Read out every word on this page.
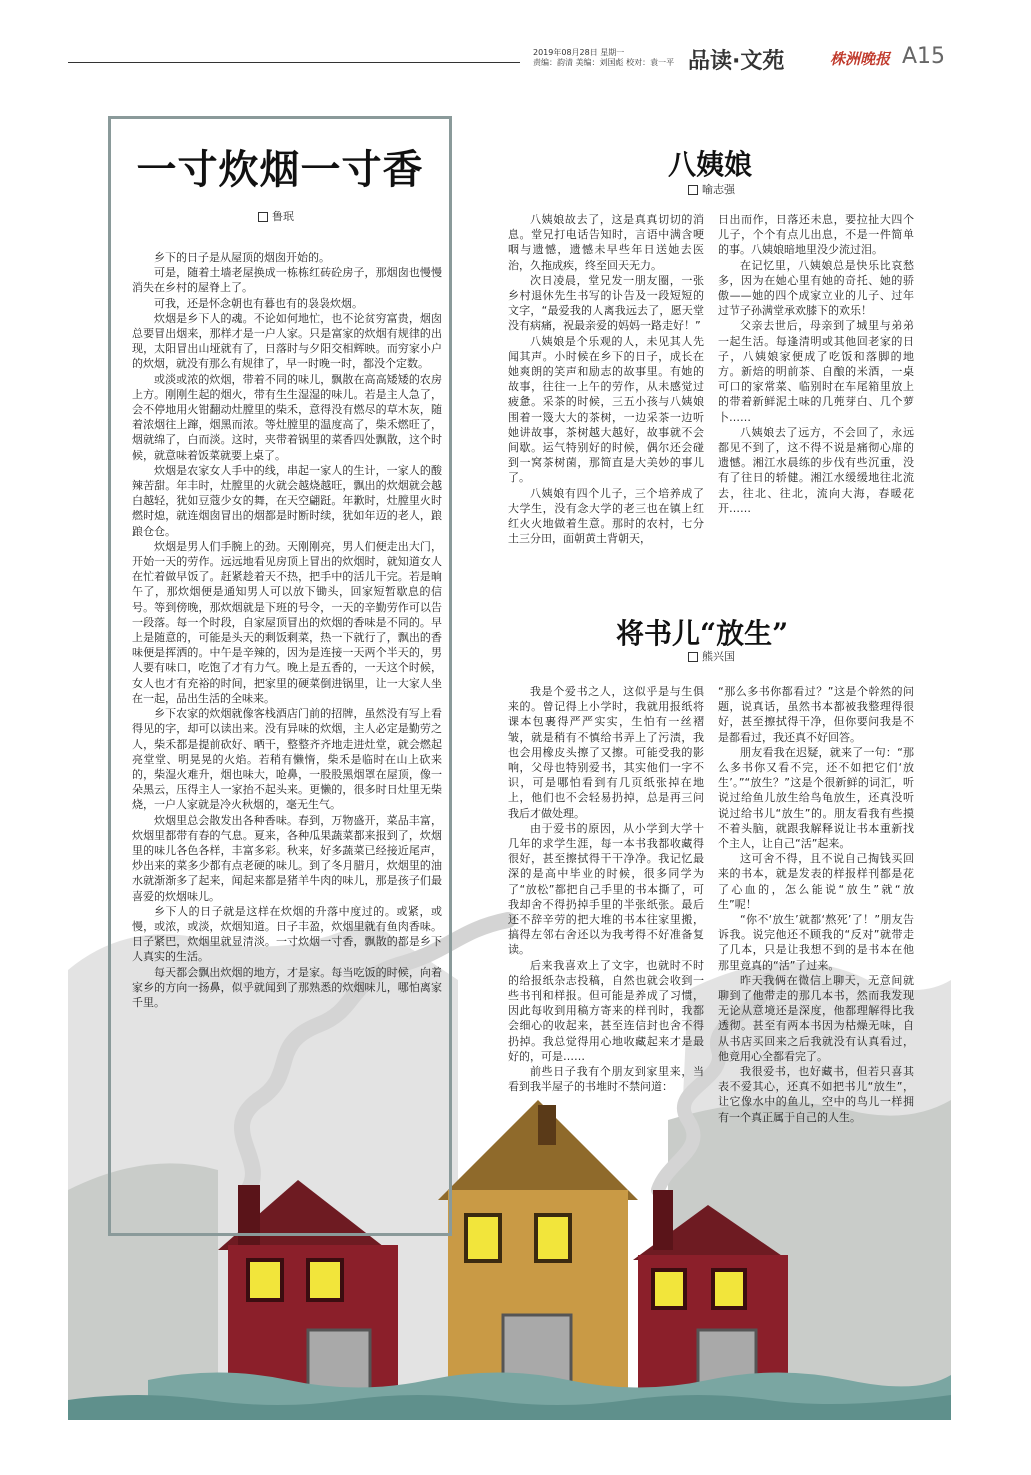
2019年08月28日 星期一
责编：韵清 美编：刘国彪 校对：袁一平 品读·文苑	株洲晚报 A15
一寸炊烟一寸香
鲁珉

乡下的日子是从屋顶的烟囱开始的。

可是，随着土墙老屋换成一栋栋红砖砼房子，那烟囱也慢慢消失在乡村的屋脊上了。

可我，还是怀念朝也有暮也有的袅袅炊烟。

炊烟是乡下人的魂。不论如何地忙，也不论贫穷富贵，烟囱总要冒出烟来，那样才是一户人家。只是富家的炊烟有规律的出现，太阳冒出山垭就有了，日落时与夕阳交相辉映。而穷家小户的炊烟，就没有那么有规律了，早一时晚一时，都没个定数。

或淡或浓的炊烟，带着不同的味儿，飘散在高高矮矮的农房上方。刚刚生起的烟火，带有生生湿湿的味儿。若是主人急了，会不停地用火钳翻动灶膛里的柴禾，意得没有燃尽的草木灰，随着浓烟往上蹿，烟黑而浓。等灶膛里的温度高了，柴禾燃旺了，烟就绵了，白而淡。这时，夹带着锅里的菜香四处飘散，这个时候，就意味着饭菜就要上桌了。

炊烟是农家女人手中的线，串起一家人的生计，一家人的酸辣苦甜。年丰时，灶膛里的火就会越烧越旺，飘出的炊烟就会越白越轻，犹如豆蔻少女的舞，在天空翩跹。年歉时，灶膛里火时燃时熄，就连烟囱冒出的烟都是时断时续，犹如年迈的老人，踉踉仓仓。

炊烟是男人们手腕上的劲。天刚刚亮，男人们便走出大门，开始一天的劳作。远远地看见房顶上冒出的炊烟时，就知道女人在忙着做早饭了。赶紧趁着天不热，把手中的活儿干完。若是晌午了，那炊烟便是通知男人可以放下锄头，回家短暂歇息的信号。等到傍晚，那炊烟就是下班的号令，一天的辛勤劳作可以告一段落。每一个时段，自家屋顶冒出的炊烟的香味是不同的。早上是随意的，可能是头天的剩饭剩菜，热一下就行了，飘出的香味便是挥洒的。中午是辛辣的，因为是连接一天两个半天的，男人要有味口，吃饱了才有力气。晚上是五香的，一天这个时候，女人也才有充裕的时间，把家里的硬菜倒进锅里，让一大家人坐在一起，品出生活的全味来。

乡下农家的炊烟就像客栈酒店门前的招牌，虽然没有写上看得见的字，却可以读出来。没有异味的炊烟，主人必定是勤劳之人，柴禾都是提前砍好、晒干，整整齐齐地走进灶堂，就会燃起亮堂堂、明晃晃的火焰。若稍有懒惰，柴禾是临时在山上砍来的，柴湿火难升，烟也味大，呛鼻，一股股黑烟罩在屋顶，像一朵黑云，压得主人一家抬不起头来。更懒的，很多时日灶里无柴烧，一户人家就是冷火秋烟的，毫无生气。

炊烟里总会散发出各种香味。春到，万物盛开，菜品丰富，炊烟里都带有春的气息。夏来，各种瓜果蔬菜都来报到了，炊烟里的味儿各色各样，丰富多彩。秋来，好多蔬菜已经接近尾声，炒出来的菜多少都有点老硬的味儿。到了冬月腊月，炊烟里的油水就渐渐多了起来，闻起来都是猪羊牛肉的味儿，那是孩子们最喜爱的炊烟味儿。

乡下人的日子就是这样在炊烟的升落中度过的。或紧，或慢，或浓，或淡，炊烟知道。日子丰盈，炊烟里就有鱼肉香味。日子紧巴，炊烟里就显清淡。一寸炊烟一寸香，飘散的都是乡下人真实的生活。

每天都会飘出炊烟的地方，才是家。每当吃饭的时候，向着家乡的方向一扬鼻，似乎就闻到了那熟悉的炊烟味儿，哪怕离家千里。

八姨娘
喻志强

八姨娘故去了，这是真真切切的消息。堂兄打电话告知时，言语中满含哽咽与遗憾，遗憾未早些年日送她去医治，久拖成疾，终至回天无力。

次日凌晨，堂兄发一朋友圈，一张乡村退休先生书写的讣告及一段短短的文字，“最爱我的人离我远去了，愿天堂没有病痛，祝最亲爱的妈妈一路走好！”

八姨娘是个乐观的人，未见其人先闻其声。小时候在乡下的日子，成长在她爽朗的笑声和励志的故事里。有她的故事，往往一上午的劳作，从未感觉过疲惫。采茶的时候，三五小孩与八姨娘围着一篾大大的茶树，一边采茶一边听她讲故事，茶树越大越好，故事就不会间歇。运气特别好的时候，偶尔还会碰到一窝茶树菌，那简直是大美妙的事儿了。

八姨娘有四个儿子，三个培养成了大学生，没有念大学的老三也在镇上红红火火地做着生意。那时的农村，七分土三分田，面朝黄土背朝天，

日出而作，日落还未息，要拉扯大四个儿子，个个有点儿出息，不是一件简单的事。八姨娘暗地里没少流过泪。

在记忆里，八姨娘总是快乐比哀愁多，因为在她心里有她的奇托、她的骄傲——她的四个成家立业的儿子、过年过节子孙满堂承欢膝下的欢乐！

父亲去世后，母亲到了城里与弟弟一起生活。每逢清明或其他回老家的日子，八姨娘家便成了吃饭和落脚的地方。新焙的明前茶、自酿的米酒，一桌可口的家常菜、临别时在车尾箱里放上的带着新鲜泥土味的几蔸芽白、几个萝卜……

八姨娘去了远方，不会回了，永远都见不到了，这不得不说是痛彻心扉的遗憾。湘江水晨练的步伐有些沉重，没有了往日的轿健。湘江水缓缓地往北流去，往北、往北，流向大海，春暖花开……

将书儿“放生”
熊兴国

我是个爱书之人，这似乎是与生俱来的。曾记得上小学时，我就用报纸将课本包裹得严严实实，生怕有一丝褶皱，就是稍有不慎给书弄上了污渍，我也会用橡皮头擦了又擦。可能受我的影响，父母也特别爱书，其实他们一字不识，可是哪怕看到有几页纸张掉在地上，他们也不会轻易扔掉，总是再三问我后才做处理。

由于爱书的原因，从小学到大学十几年的求学生涯，每一本书我都收藏得很好，甚至擦拭得干干净净。我记忆最深的是高中毕业的时候，很多同学为了“放松”都把自己手里的书本撕了，可我却舍不得扔掉手里的半张纸张。最后还不辞辛劳的把大堆的书本往家里搬，搞得左邻右舍还以为我考得不好准备复读。

后来我喜欢上了文字，也就时不时的给报纸杂志投稿，自然也就会收到一些书刊和样报。但可能是养成了习惯，因此每收到用稿方寄来的样刊时，我都会细心的收起来，甚至连信封也舍不得扔掉。我总觉得用心地收藏起来才是最好的，可是……

前些日子我有个朋友到家里来，当看到我半屋子的书堆时不禁问道：

“那么多书你都看过？”这是个幹然的问题，说真话，虽然书本都被我整理得很好，甚至擦拭得干净，但你要问我是不是都看过，我还真不好回答。

朋友看我在迟疑，就来了一句：“那么多书你又看不完，还不如把它们‘放生’。”“放生？”这是个很新鲜的词汇，听说过给鱼儿放生给鸟龟放生，还真没听说过给书儿“放生”的。朋友看我有些摸不着头脑，就跟我解释说让书本重新找个主人，让自己“活”起来。

这可舍不得，且不说自己掏钱买回来的书本，就是发表的样报样刊都是花了心血的，怎么能说“放生”就“放生”呢！

“你不‘放生’就都‘熬死’了！”朋友告诉我。说完他还不顾我的“反对”就带走了几本，只是让我想不到的是书本在他那里竟真的“活”了过来。

昨天我俩在微信上聊天，无意间就聊到了他带走的那几本书，然而我发现无论从意境还是深度，他都理解得比我透彻。甚至有两本书因为枯燥无味，自从书店买回来之后我就没有认真看过，他竟用心全都看完了。

我很爱书，也好藏书，但若只喜其表不爱其心，还真不如把书儿“放生”，让它像水中的鱼儿，空中的鸟儿一样拥有一个真正属于自己的人生。
